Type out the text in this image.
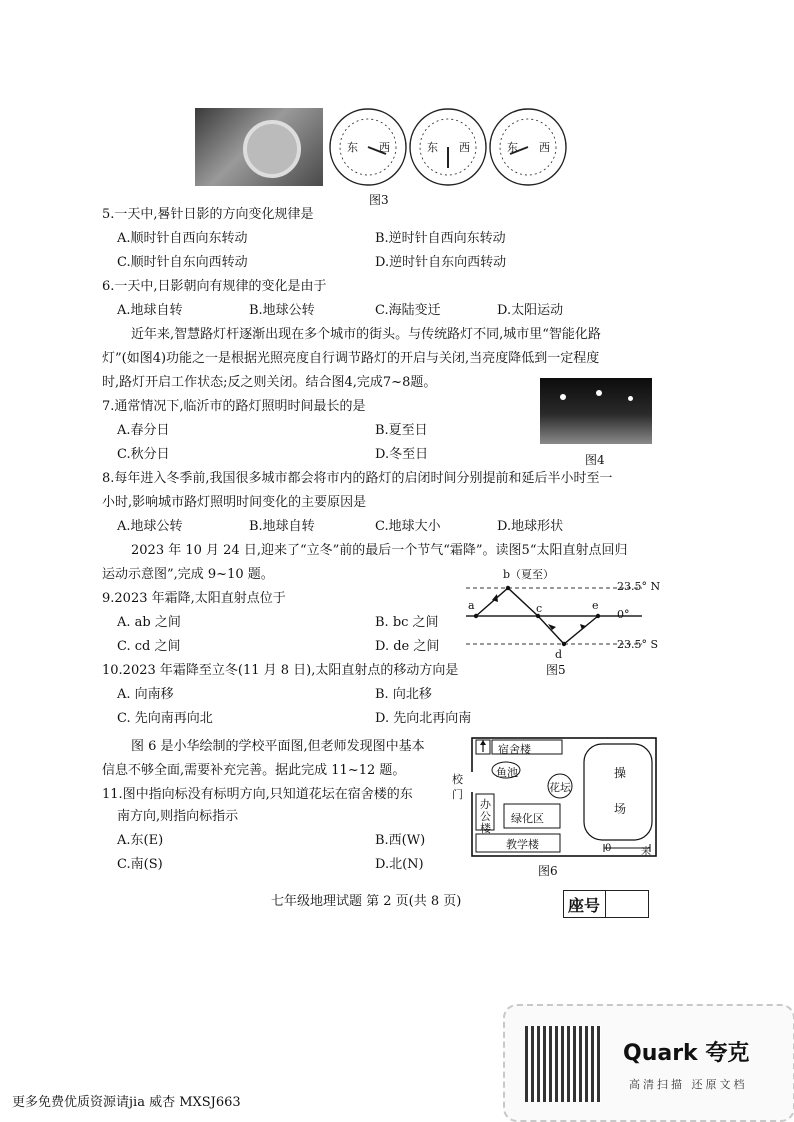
东 西	东 西	东 西
图3
5.一天中,晷针日影的方向变化规律是
A.顺时针自西向东转动	B.逆时针自西向东转动
C.顺时针自东向西转动	D.逆时针自东向西转动
6.一天中,日影朝向有规律的变化是由于
A.地球自转	B.地球公转	C.海陆变迁	D.太阳运动
近年来,智慧路灯杆逐渐出现在多个城市的街头。与传统路灯不同,城市里“智能化路
灯”(如图4)功能之一是根据光照亮度自行调节路灯的开启与关闭,当亮度降低到一定程度
时,路灯开启工作状态;反之则关闭。结合图4,完成7~8题。
图4
7.通常情况下,临沂市的路灯照明时间最长的是
A.春分日	B.夏至日
C.秋分日	D.冬至日
8.每年进入冬季前,我国很多城市都会将市内的路灯的启闭时间分别提前和延后半小时至一
小时,影响城市路灯照明时间变化的主要原因是
A.地球公转	B.地球自转	C.地球大小	D.地球形状
2023 年 10 月 24 日,迎来了“立冬”前的最后一个节气“霜降”。读图5“太阳直射点回归
运动示意图”,完成 9~10 题。	b（夏至）
a	c
d
e
23.5° N
0°
23.5° S
图5
9.2023 年霜降,太阳直射点位于
A. ab 之间	B. bc 之间
C. cd 之间	D. de 之间
10.2023 年霜降至立冬(11 月 8 日),太阳直射点的移动方向是
A. 向南移	B. 向北移
C. 先向南再向北	D. 先向北再向南
图 6 是小华绘制的学校平面图,但老师发现图中基本
信息不够全面,需要补充完善。据此完成 11~12 题。
11.图中指向标没有标明方向,只知道花坛在宿舍楼的东
南方向,则指向标指示
A.东(E)	B.西(W)
C.南(S)	D.北(N)
宿舍楼
鱼池
花坛
操
场
校
门
办
公
楼
绿化区
教学楼	0	米
图6
七年级地理试题 第 2 页(共 8 页)	座号
更多免费优质资源请jia 威杏 MXSJ663
Quark 夸克
高清扫描 还原文档
